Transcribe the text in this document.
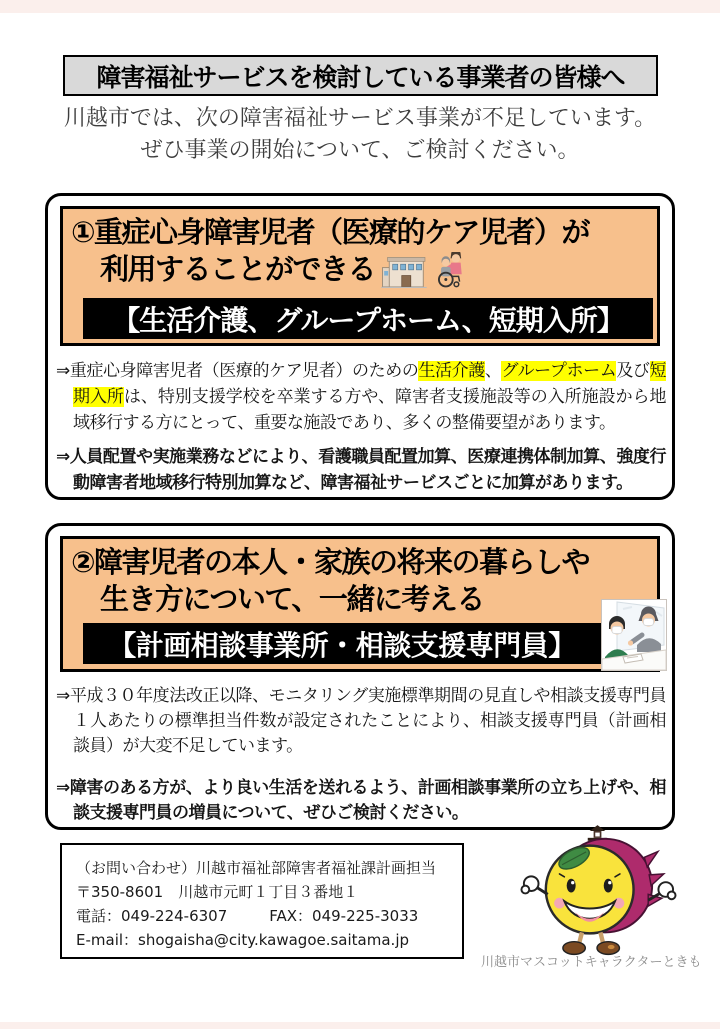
障害福祉サービスを検討している事業者の皆様へ
川越市では、次の障害福祉サービス事業が不足しています。
ぜひ事業の開始について、ご検討ください。
①重症心身障害児者（医療的ケア児者）が
利用することができる
【生活介護、グループホーム、短期入所】
⇒重症心身障害児者（医療的ケア児者）のための生活介護、グループホーム及び短期入所は、特別支援学校を卒業する方や、障害者支援施設等の入所施設から地域移行する方にとって、重要な施設であり、多くの整備要望があります。
⇒人員配置や実施業務などにより、看護職員配置加算、医療連携体制加算、強度行動障害者地域移行特別加算など、障害福祉サービスごとに加算があります。
②障害児者の本人・家族の将来の暮らしや
生き方について、一緒に考える
【計画相談事業所・相談支援専門員】
⇒平成３０年度法改正以降、モニタリング実施標準期間の見直しや相談支援専門員１人あたりの標準担当件数が設定されたことにより、相談支援専門員（計画相談員）が大変不足しています。
⇒障害のある方が、より良い生活を送れるよう、計画相談事業所の立ち上げや、相談支援専門員の増員について、ぜひご検討ください。
（お問い合わせ）川越市福祉部障害者福祉課計画担当
〒350-8601　川越市元町１丁目３番地１
電話：049-224-6307	FAX：049-225-3033
E-mail：shogaisha@city.kawagoe.saitama.jp
川越市マスコットキャラクターときも
